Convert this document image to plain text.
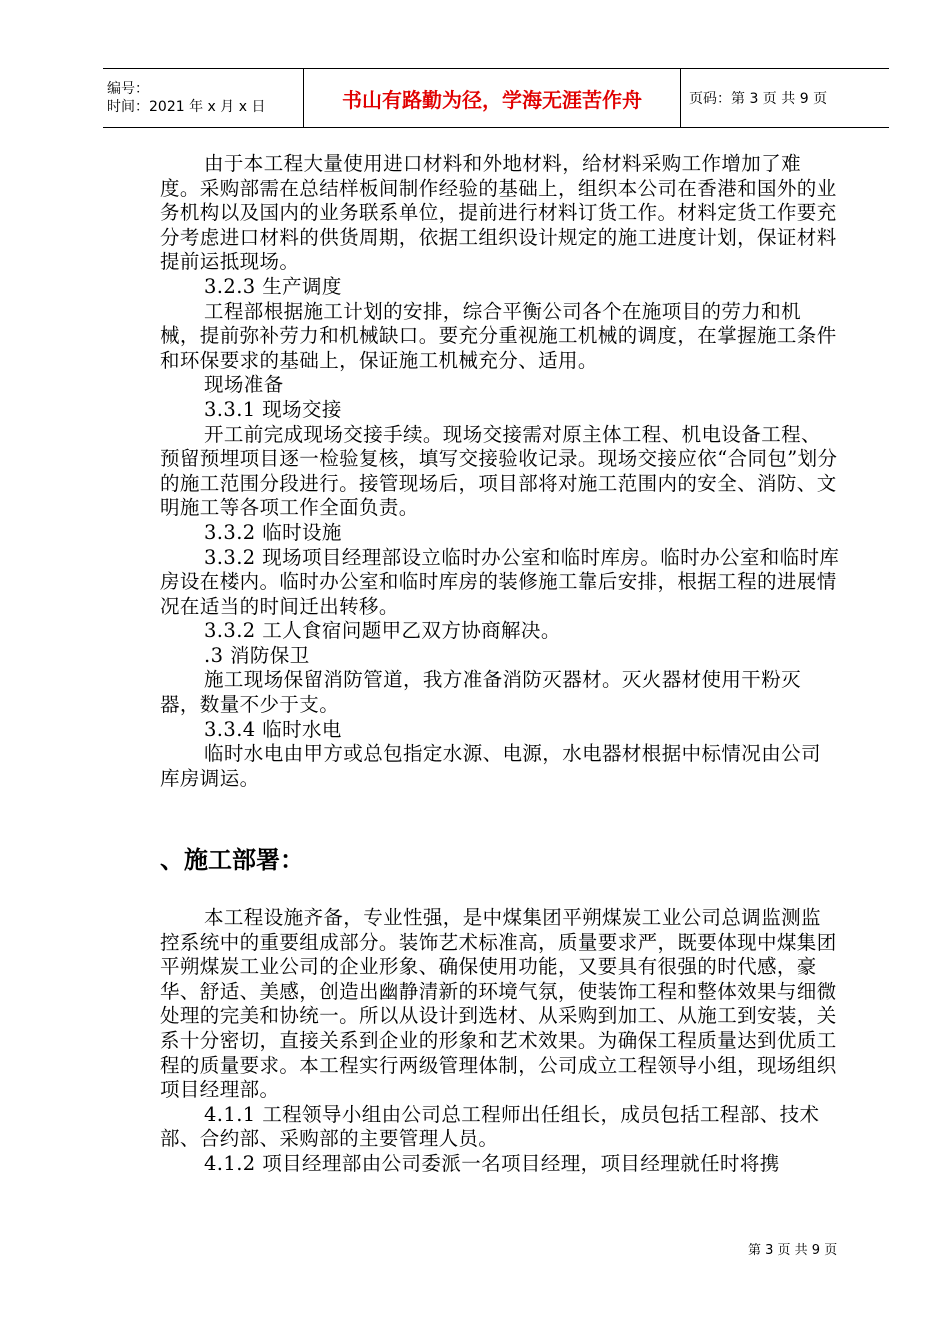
编号：
时间：2021 年 x 月 x 日	书山有路勤为径，学海无涯苦作舟	页码：第 3 页 共 9 页

由于本工程大量使用进口材料和外地材料，给材料采购工作增加了难度。采购部需在总结样板间制作经验的基础上，组织本公司在香港和国外的业务机构以及国内的业务联系单位，提前进行材料订货工作。材料定货工作要充分考虑进口材料的供货周期，依据工组织设计规定的施工进度计划，保证材料提前运抵现场。

3.2.3 生产调度

工程部根据施工计划的安排，综合平衡公司各个在施项目的劳力和机械，提前弥补劳力和机械缺口。要充分重视施工机械的调度，在掌握施工条件和环保要求的基础上，保证施工机械充分、适用。

现场准备

3.3.1 现场交接

开工前完成现场交接手续。现场交接需对原主体工程、机电设备工程、预留预埋项目逐一检验复核，填写交接验收记录。现场交接应依“合同包”划分的施工范围分段进行。接管现场后，项目部将对施工范围内的安全、消防、文明施工等各项工作全面负责。

3.3.2 临时设施

3.3.2 现场项目经理部设立临时办公室和临时库房。临时办公室和临时库房设在楼内。临时办公室和临时库房的装修施工靠后安排，根据工程的进展情况在适当的时间迁出转移。

3.3.2 工人食宿问题甲乙双方协商解决。

.3 消防保卫

施工现场保留消防管道，我方准备消防灭器材。灭火器材使用干粉灭器，数量不少于支。

3.3.4 临时水电

临时水电由甲方或总包指定水源、电源，水电器材根据中标情况由公司库房调运。

、施工部署：

本工程设施齐备，专业性强，是中煤集团平朔煤炭工业公司总调监测监控系统中的重要组成部分。装饰艺术标准高，质量要求严，既要体现中煤集团平朔煤炭工业公司的企业形象、确保使用功能，又要具有很强的时代感，豪华、舒适、美感，创造出幽静清新的环境气氛，使装饰工程和整体效果与细微处理的完美和协统一。所以从设计到选材、从采购到加工、从施工到安装，关系十分密切，直接关系到企业的形象和艺术效果。为确保工程质量达到优质工程的质量要求。本工程实行两级管理体制，公司成立工程领导小组，现场组织项目经理部。

4.1.1 工程领导小组由公司总工程师出任组长，成员包括工程部、技术部、合约部、采购部的主要管理人员。

4.1.2 项目经理部由公司委派一名项目经理，项目经理就任时将携

第 3 页 共 9 页
